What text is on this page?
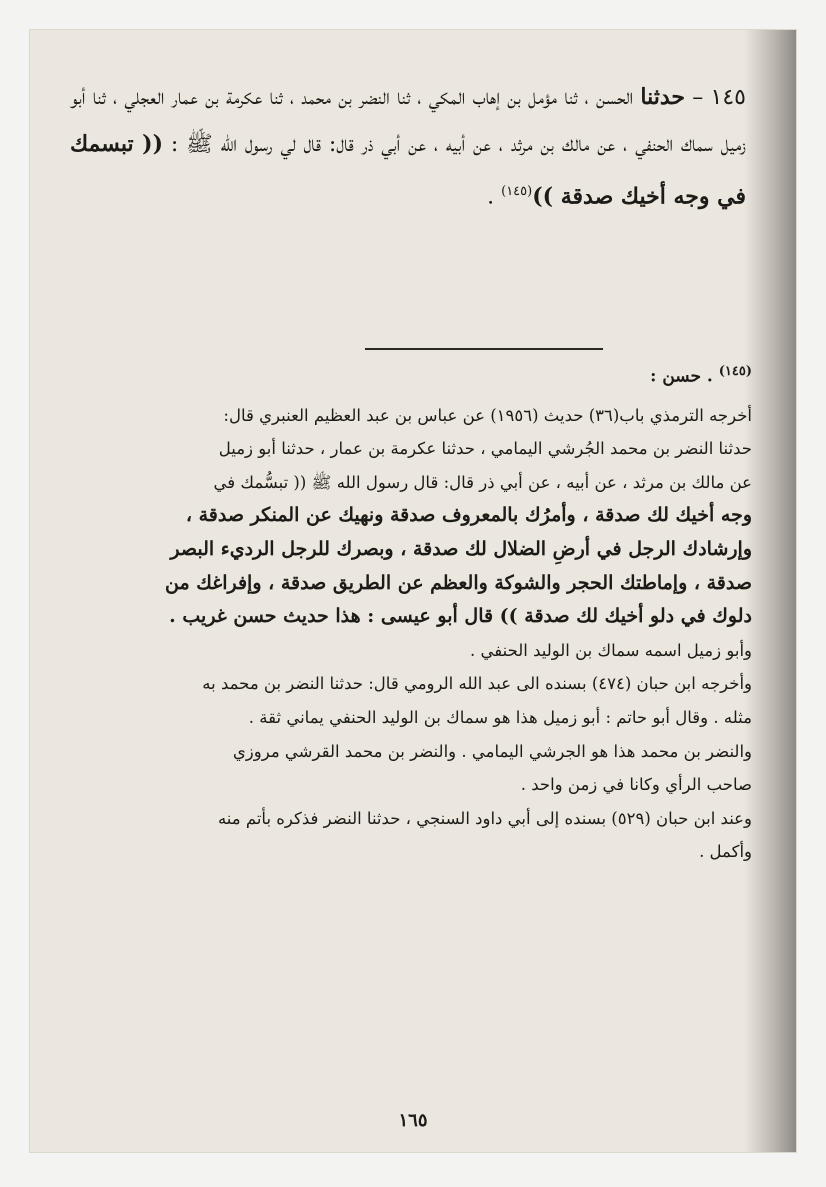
١٤٥ – حدثنا الحسن ، ثنا مؤمل بن إهاب المكي ، ثنا النضر بن محمد ، ثنا عكرمة بن عمار العجلي ، ثنا أبو زميل سماك الحنفي ، عن مالك بن مرثد ، عن أبيه ، عن أبي ذر قال: قال لي رسول الله ﷺ : (( تبسمك في وجه أخيك صدقة ))$^{(١٤٥)}$ .

$^{(١٤٥)}$ . حسن :

أخرجه الترمذي باب(٣٦) حديث (١٩٥٦) عن عباس بن عبد العظيم العنبري قال:

حدثنا النضر بن محمد الجُرشي اليمامي ، حدثنا عكرمة بن عمار ، حدثنا أبو زميل

عن مالك بن مرثد ، عن أبيه ، عن أبي ذر قال: قال رسول الله ﷺ (( تبسُّمك في

وجه أخيك لك صدقة ، وأمرُك بالمعروف صدقة ونهيك عن المنكر صدقة ،

وإرشادك الرجل في أرضِ الضلال لك صدقة ، وبصرك للرجل الرديء البصر

صدقة ، وإماطتك الحجر والشوكة والعظم عن الطريق صدقة ، وإفراغك من

دلوك في دلو أخيك لك صدقة )) قال أبو عيسى : هذا حديث حسن غريب .

وأبو زميل اسمه سماك بن الوليد الحنفي .

وأخرجه ابن حبان (٤٧٤) بسنده الى عبد الله الرومي قال: حدثنا النضر بن محمد به

مثله . وقال أبو حاتم : أبو زميل هذا هو سماك بن الوليد الحنفي يماني ثقة .

والنضر بن محمد هذا هو الجرشي اليمامي . والنضر بن محمد القرشي مروزي

صاحب الرأي وكانا في زمن واحد .

وعند ابن حبان (٥٢٩) بسنده إلى أبي داود السنجي ، حدثنا النضر فذكره بأتم منه

وأكمل .

١٦٥
